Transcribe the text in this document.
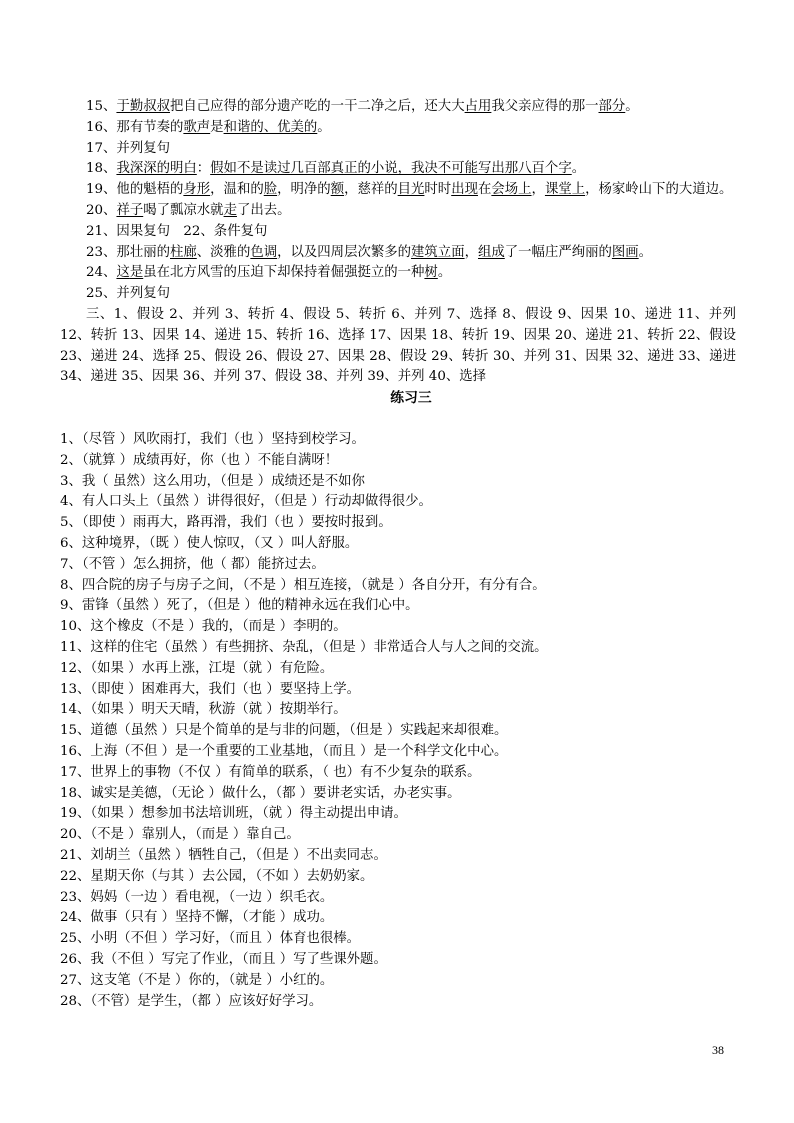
15、于勤叔叔把自己应得的部分遗产吃的一干二净之后，还大大占用我父亲应得的那一部分。

16、那有节奏的歌声是和谐的、优美的。

17、并列复句

18、我深深的明白：假如不是读过几百部真正的小说，我决不可能写出那八百个字。

19、他的魁梧的身形，温和的脸，明净的额，慈祥的目光时时出现在会场上，课堂上，杨家岭山下的大道边。

20、祥子喝了瓢凉水就走了出去。

21、因果复句　22、条件复句

23、那壮丽的柱廊、淡雅的色调，以及四周层次繁多的建筑立面，组成了一幅庄严绚丽的图画。

24、这是虽在北方风雪的压迫下却保持着倔强挺立的一种树。

25、并列复句

三、1、假设 2、并列 3、转折 4、假设 5、转折 6、并列 7、选择 8、假设 9、因果 10、递进 11、并列 12、转折 13、因果 14、递进 15、转折 16、选择 17、因果 18、转折 19、因果 20、递进 21、转折 22、假设 23、递进 24、选择 25、假设 26、假设 27、因果 28、假设 29、转折 30、并列 31、因果 32、递进 33、递进 34、递进 35、因果 36、并列 37、假设 38、并列 39、并列 40、选择

练习三

1、（尽管 ）风吹雨打，我们（也 ）坚持到校学习。

2、（就算 ）成绩再好，你（也 ）不能自满呀！

3、我（ 虽然）这么用功，（但是 ）成绩还是不如你

4、有人口头上（虽然 ）讲得很好，（但是 ）行动却做得很少。

5、（即使 ）雨再大，路再滑，我们（也 ）要按时报到。

6、这种境界，（既 ）使人惊叹，（又 ）叫人舒服。

7、（不管 ）怎么拥挤，他（ 都）能挤过去。

8、四合院的房子与房子之间，（不是 ）相互连接，（就是 ）各自分开，有分有合。

9、雷锋（虽然 ）死了，（但是 ）他的精神永远在我们心中。

10、这个橡皮（不是 ）我的，（而是 ）李明的。

11、这样的住宅（虽然 ）有些拥挤、杂乱，（但是 ）非常适合人与人之间的交流。

12、（如果 ）水再上涨，江堤（就 ）有危险。

13、（即使 ）困难再大，我们（也 ）要坚持上学。

14、（如果 ）明天天晴，秋游（就 ）按期举行。

15、道德（虽然 ）只是个简单的是与非的问题，（但是 ）实践起来却很难。

16、上海（不但 ）是一个重要的工业基地，（而且 ）是一个科学文化中心。

17、世界上的事物（不仅 ）有简单的联系，（ 也）有不少复杂的联系。

18、诚实是美德，（无论 ）做什么，（都 ）要讲老实话，办老实事。

19、（如果 ）想参加书法培训班，（就 ）得主动提出申请。

20、（不是 ）靠别人，（而是 ）靠自己。

21、刘胡兰（虽然 ）牺牲自己，（但是 ）不出卖同志。

22、星期天你（与其 ）去公园，（不如 ）去奶奶家。

23、妈妈（一边 ）看电视，（一边 ）织毛衣。

24、做事（只有 ）坚持不懈，（才能 ）成功。

25、小明（不但 ）学习好，（而且 ）体育也很棒。

26、我（不但 ）写完了作业，（而且 ）写了些课外题。

27、这支笔（不是 ）你的，（就是 ）小红的。

28、（不管）是学生，（都 ）应该好好学习。

38
